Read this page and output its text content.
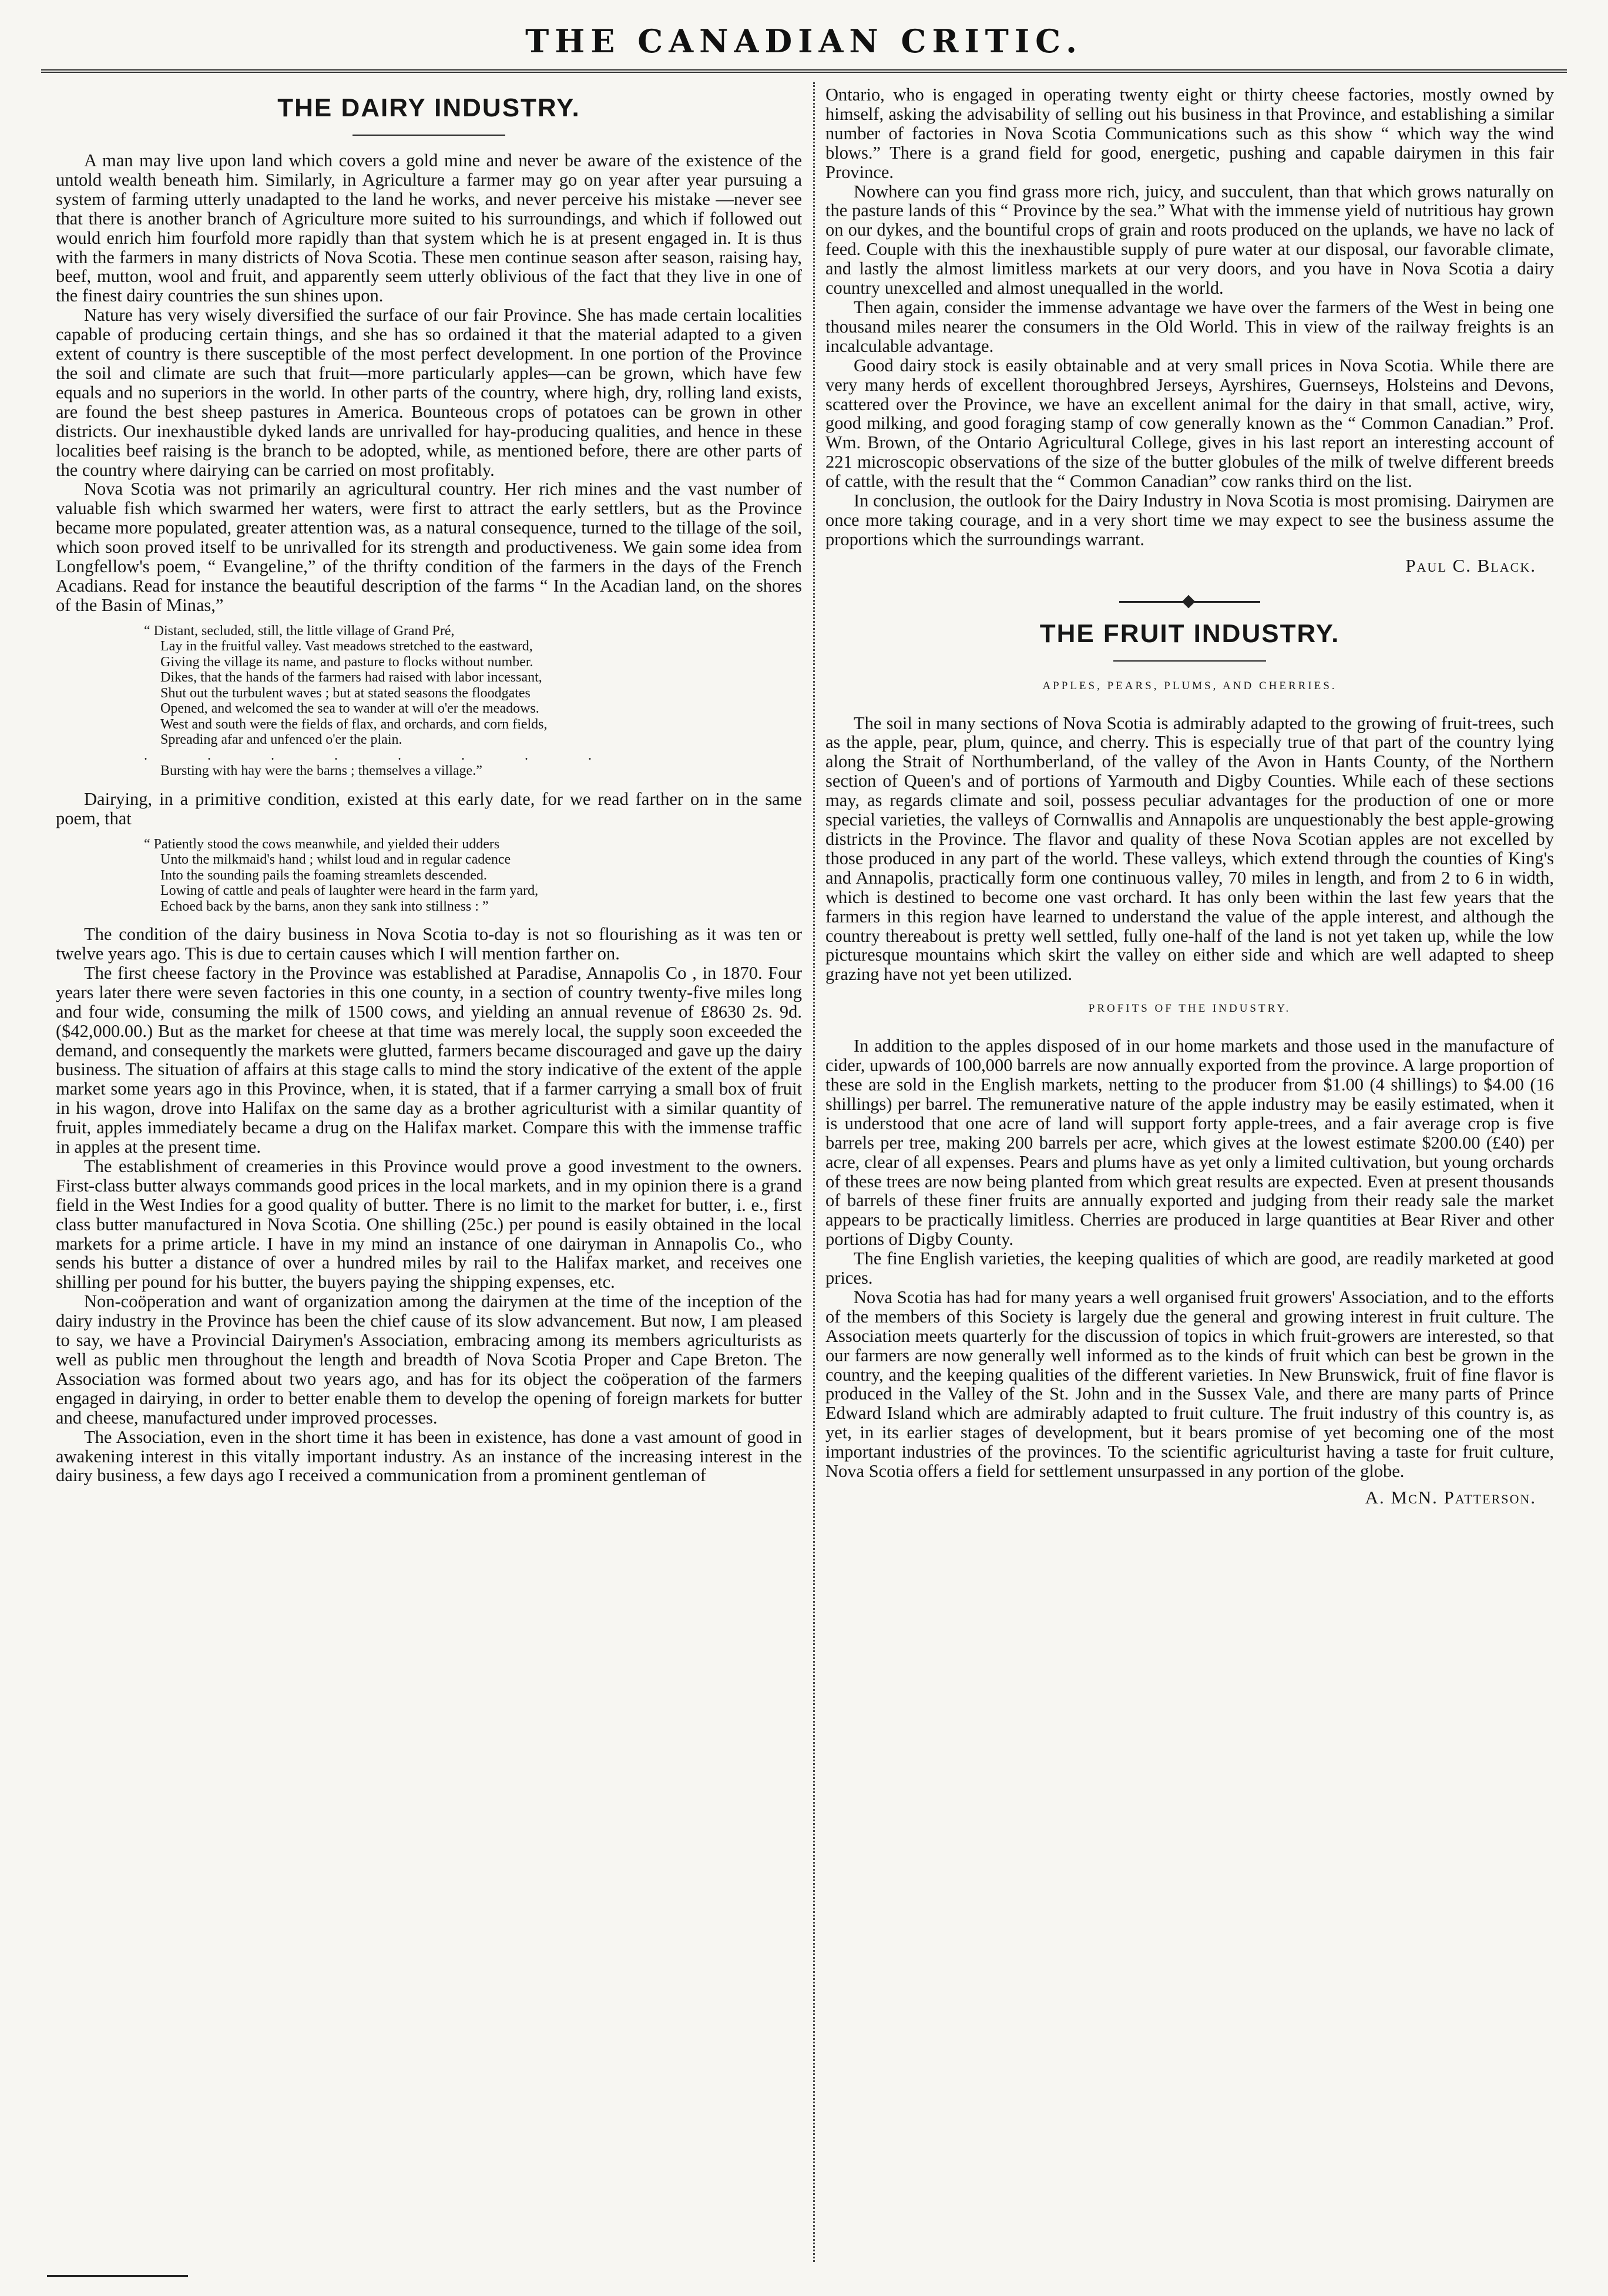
THE CANADIAN CRITIC.
THE DAIRY INDUSTRY.

A man may live upon land which covers a gold mine and never be aware of the existence of the untold wealth beneath him. Similarly, in Agriculture a farmer may go on year after year pursuing a system of farming utterly unadapted to the land he works, and never perceive his mistake —never see that there is another branch of Agriculture more suited to his surroundings, and which if followed out would enrich him fourfold more rapidly than that system which he is at present engaged in. It is thus with the farmers in many districts of Nova Scotia. These men continue season after season, raising hay, beef, mutton, wool and fruit, and apparently seem utterly oblivious of the fact that they live in one of the finest dairy countries the sun shines upon.

Nature has very wisely diversified the surface of our fair Province. She has made certain localities capable of producing certain things, and she has so ordained it that the material adapted to a given extent of country is there susceptible of the most perfect development. In one portion of the Province the soil and climate are such that fruit—more particularly apples—can be grown, which have few equals and no superiors in the world. In other parts of the country, where high, dry, rolling land exists, are found the best sheep pastures in America. Bounteous crops of potatoes can be grown in other districts. Our inexhaustible dyked lands are unrivalled for hay-producing qualities, and hence in these localities beef raising is the branch to be adopted, while, as mentioned before, there are other parts of the country where dairying can be carried on most profitably.

Nova Scotia was not primarily an agricultural country. Her rich mines and the vast number of valuable fish which swarmed her waters, were first to attract the early settlers, but as the Province became more populated, greater attention was, as a natural consequence, turned to the tillage of the soil, which soon proved itself to be unrivalled for its strength and productiveness. We gain some idea from Longfellow's poem, “ Evangeline,” of the thrifty condition of the farmers in the days of the French Acadians. Read for instance the beautiful description of the farms “ In the Acadian land, on the shores of the Basin of Minas,”

“ Distant, secluded, still, the little village of Grand Pré,
Lay in the fruitful valley. Vast meadows stretched to the eastward,
Giving the village its name, and pasture to flocks without number.
Dikes, that the hands of the farmers had raised with labor incessant,
Shut out the turbulent waves ; but at stated seasons the floodgates
Opened, and welcomed the sea to wander at will o'er the meadows.
West and south were the fields of flax, and orchards, and corn fields,
Spreading afar and unfenced o'er the plain.
. . . . . . . .
Bursting with hay were the barns ; themselves a village.”

Dairying, in a primitive condition, existed at this early date, for we read farther on in the same poem, that

“ Patiently stood the cows meanwhile, and yielded their udders
Unto the milkmaid's hand ; whilst loud and in regular cadence
Into the sounding pails the foaming streamlets descended.
Lowing of cattle and peals of laughter were heard in the farm yard,
Echoed back by the barns, anon they sank into stillness : ”

The condition of the dairy business in Nova Scotia to-day is not so flourishing as it was ten or twelve years ago. This is due to certain causes which I will mention farther on.

The first cheese factory in the Province was established at Paradise, Annapolis Co , in 1870. Four years later there were seven factories in this one county, in a section of country twenty-five miles long and four wide, consuming the milk of 1500 cows, and yielding an annual revenue of £8630 2s. 9d. ($42,000.00.) But as the market for cheese at that time was merely local, the supply soon exceeded the demand, and consequently the markets were glutted, farmers became discouraged and gave up the dairy business. The situation of affairs at this stage calls to mind the story indicative of the extent of the apple market some years ago in this Province, when, it is stated, that if a farmer carrying a small box of fruit in his wagon, drove into Halifax on the same day as a brother agriculturist with a similar quantity of fruit, apples immediately became a drug on the Halifax market. Compare this with the immense traffic in apples at the present time.

The establishment of creameries in this Province would prove a good investment to the owners. First-class butter always commands good prices in the local markets, and in my opinion there is a grand field in the West Indies for a good quality of butter. There is no limit to the market for butter, i. e., first class butter manufactured in Nova Scotia. One shilling (25c.) per pound is easily obtained in the local markets for a prime article. I have in my mind an instance of one dairyman in Annapolis Co., who sends his butter a distance of over a hundred miles by rail to the Halifax market, and receives one shilling per pound for his butter, the buyers paying the shipping expenses, etc.

Non-coöperation and want of organization among the dairymen at the time of the inception of the dairy industry in the Province has been the chief cause of its slow advancement. But now, I am pleased to say, we have a Provincial Dairymen's Association, embracing among its members agriculturists as well as public men throughout the length and breadth of Nova Scotia Proper and Cape Breton. The Association was formed about two years ago, and has for its object the coöperation of the farmers engaged in dairying, in order to better enable them to develop the opening of foreign markets for butter and cheese, manufactured under improved processes.

The Association, even in the short time it has been in existence, has done a vast amount of good in awakening interest in this vitally important industry. As an instance of the increasing interest in the dairy business, a few days ago I received a communication from a prominent gentleman of

Ontario, who is engaged in operating twenty eight or thirty cheese factories, mostly owned by himself, asking the advisability of selling out his business in that Province, and establishing a similar number of factories in Nova Scotia Communications such as this show “ which way the wind blows.” There is a grand field for good, energetic, pushing and capable dairymen in this fair Province.

Nowhere can you find grass more rich, juicy, and succulent, than that which grows naturally on the pasture lands of this “ Province by the sea.” What with the immense yield of nutritious hay grown on our dykes, and the bountiful crops of grain and roots produced on the uplands, we have no lack of feed. Couple with this the inexhaustible supply of pure water at our disposal, our favorable climate, and lastly the almost limitless markets at our very doors, and you have in Nova Scotia a dairy country unexcelled and almost unequalled in the world.

Then again, consider the immense advantage we have over the farmers of the West in being one thousand miles nearer the consumers in the Old World. This in view of the railway freights is an incalculable advantage.

Good dairy stock is easily obtainable and at very small prices in Nova Scotia. While there are very many herds of excellent thoroughbred Jerseys, Ayrshires, Guernseys, Holsteins and Devons, scattered over the Province, we have an excellent animal for the dairy in that small, active, wiry, good milking, and good foraging stamp of cow generally known as the “ Common Canadian.” Prof. Wm. Brown, of the Ontario Agricultural College, gives in his last report an interesting account of 221 microscopic observations of the size of the butter globules of the milk of twelve different breeds of cattle, with the result that the “ Common Canadian” cow ranks third on the list.

In conclusion, the outlook for the Dairy Industry in Nova Scotia is most promising. Dairymen are once more taking courage, and in a very short time we may expect to see the business assume the proportions which the surroundings warrant.

Paul C. Black.
THE FRUIT INDUSTRY.
APPLES, PEARS, PLUMS, AND CHERRIES.

The soil in many sections of Nova Scotia is admirably adapted to the growing of fruit-trees, such as the apple, pear, plum, quince, and cherry. This is especially true of that part of the country lying along the Strait of Northumberland, of the valley of the Avon in Hants County, of the Northern section of Queen's and of portions of Yarmouth and Digby Counties. While each of these sections may, as regards climate and soil, possess peculiar advantages for the production of one or more special varieties, the valleys of Cornwallis and Annapolis are unquestionably the best apple-growing districts in the Province. The flavor and quality of these Nova Scotian apples are not excelled by those produced in any part of the world. These valleys, which extend through the counties of King's and Annapolis, practically form one continuous valley, 70 miles in length, and from 2 to 6 in width, which is destined to become one vast orchard. It has only been within the last few years that the farmers in this region have learned to understand the value of the apple interest, and although the country thereabout is pretty well settled, fully one-half of the land is not yet taken up, while the low picturesque mountains which skirt the valley on either side and which are well adapted to sheep grazing have not yet been utilized.

PROFITS OF THE INDUSTRY.

In addition to the apples disposed of in our home markets and those used in the manufacture of cider, upwards of 100,000 barrels are now annually exported from the province. A large proportion of these are sold in the English markets, netting to the producer from $1.00 (4 shillings) to $4.00 (16 shillings) per barrel. The remunerative nature of the apple industry may be easily estimated, when it is understood that one acre of land will support forty apple-trees, and a fair average crop is five barrels per tree, making 200 barrels per acre, which gives at the lowest estimate $200.00 (£40) per acre, clear of all expenses. Pears and plums have as yet only a limited cultivation, but young orchards of these trees are now being planted from which great results are expected. Even at present thousands of barrels of these finer fruits are annually exported and judging from their ready sale the market appears to be practically limitless. Cherries are produced in large quantities at Bear River and other portions of Digby County.

The fine English varieties, the keeping qualities of which are good, are readily marketed at good prices.

Nova Scotia has had for many years a well organised fruit growers' Association, and to the efforts of the members of this Society is largely due the general and growing interest in fruit culture. The Association meets quarterly for the discussion of topics in which fruit-growers are interested, so that our farmers are now generally well informed as to the kinds of fruit which can best be grown in the country, and the keeping qualities of the different varieties. In New Brunswick, fruit of fine flavor is produced in the Valley of the St. John and in the Sussex Vale, and there are many parts of Prince Edward Island which are admirably adapted to fruit culture. The fruit industry of this country is, as yet, in its earlier stages of development, but it bears promise of yet becoming one of the most important industries of the provinces. To the scientific agriculturist having a taste for fruit culture, Nova Scotia offers a field for settlement unsurpassed in any portion of the globe.

A. McN. Patterson.
